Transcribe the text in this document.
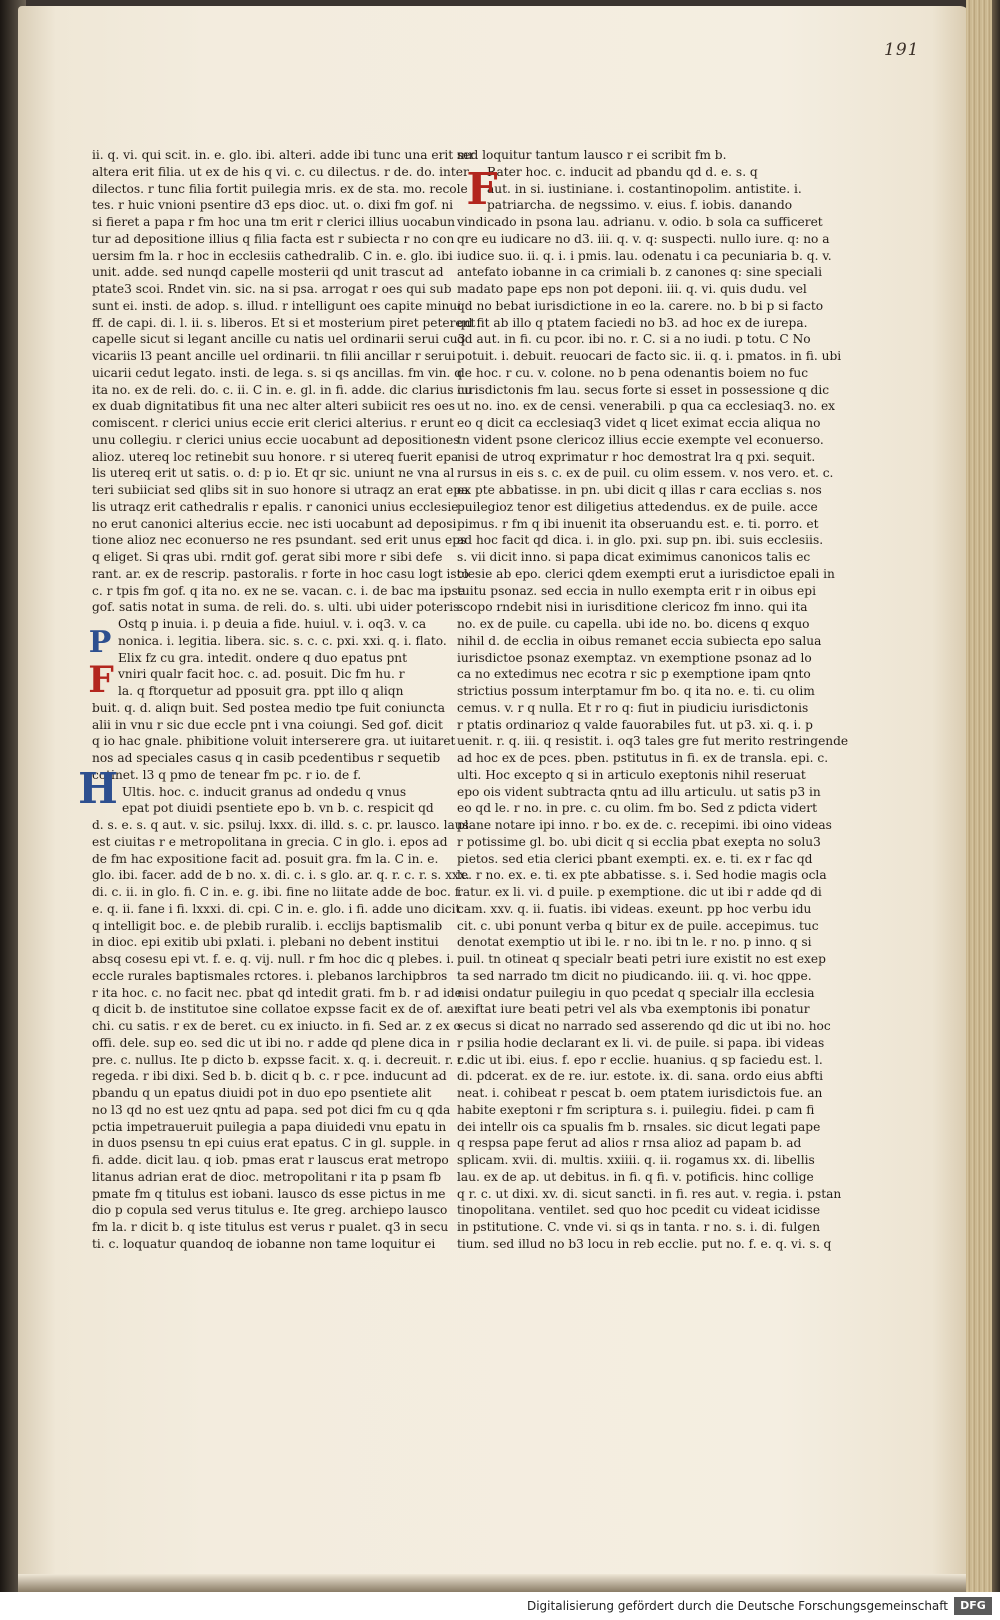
191
ii. q. vi. qui scit. in. e. glo. ibi. alteri. adde ibi tunc una erit mr
altera erit filia. ut ex de his q vi. c. cu dilectus. r de. do. inter
dilectos. r tunc filia fortit puilegia mris. ex de sta. mo. recole
tes. r huic vnioni psentire d3 eps dioc. ut. o. dixi fm gof. ni
si fieret a papa r fm hoc una tm erit r clerici illius uocabun
tur ad depositione illius q filia facta est r subiecta r no con
uersim fm la. r hoc in ecclesiis cathedralib. C in. e. glo. ibi
unit. adde. sed nunqd capelle mosterii qd unit trascut ad
ptate3 scoi. Rndet vin. sic. na si psa. arrogat r oes qui sub
sunt ei. insti. de adop. s. illud. r intelligunt oes capite minui
ff. de capi. di. l. ii. s. liberos. Et si et mosterium piret peterent
capelle sicut si legant ancille cu natis uel ordinarii serui cu3
vicariis l3 peant ancille uel ordinarii. tn filii ancillar r serui
uicarii cedut legato. insti. de lega. s. si qs ancillas. fm vin. q
ita no. ex de reli. do. c. ii. C in. e. gl. in fi. adde. dic clarius cu
ex duab dignitatibus fit una nec alter alteri subiicit res oes
comiscent. r clerici unius eccie erit clerici alterius. r erunt
unu collegiu. r clerici unius eccie uocabunt ad depositiones
alioz. utereq loc retinebit suu honore. r si utereq fuerit epa
lis utereq erit ut satis. o. d: p io. Et qr sic. uniunt ne vna al
teri subiiciat sed qlibs sit in suo honore si utraqz an erat epa
lis utraqz erit cathedralis r epalis. r canonici unius ecclesie
no erut canonici alterius eccie. nec isti uocabunt ad deposi
tione alioz nec econuerso ne res psundant. sed erit unus eps
q eliget. Si qras ubi. rndit gof. gerat sibi more r sibi defe
rant. ar. ex de rescrip. pastoralis. r forte in hoc casu logt isto
c. r tpis fm gof. q ita no. ex ne se. vacan. c. i. de bac ma ipse
gof. satis notat in suma. de reli. do. s. ulti. ubi uider poteris.
Ostq p inuia. i. p deuia a fide. huiul. v. i. oq3. v. ca
nonica. i. legitia. libera. sic. s. c. c. pxi. xxi. q. i. flato.
Elix fz cu gra. intedit. ondere q duo epatus pnt
vniri qualr facit hoc. c. ad. posuit. Dic fm hu. r
la. q ftorquetur ad pposuit gra. ppt illo q aliqn
buit. q. d. aliqn buit. Sed postea medio tpe fuit coniuncta
alii in vnu r sic due eccle pnt i vna coiungi. Sed gof. dicit
q io hac gnale. phibitione voluit interserere gra. ut iuitaret
nos ad speciales casus q in casib pcedentibus r sequetib
cotinet. l3 q pmo de tenear fm pc. r io. de f.
Ultis. hoc. c. inducit granus ad ondedu q vnus
epat pot diuidi psentiete epo b. vn b. c. respicit qd
d. s. e. s. q aut. v. sic. psiluj. lxxx. di. illd. s. c. pr. lausco. laus
est ciuitas r e metropolitana in grecia. C in glo. i. epos ad
de fm hac expositione facit ad. posuit gra. fm la. C in. e.
glo. ibi. facer. add de b no. x. di. c. i. s glo. ar. q. r. c. r. s. xxx.
di. c. ii. in glo. fi. C in. e. g. ibi. fine no liitate adde de boc. f.
e. q. ii. fane i fi. lxxxi. di. cpi. C in. e. glo. i fi. adde uno dicit
q intelligit boc. e. de plebib ruralib. i. ecclijs baptismalib
in dioc. epi exitib ubi pxlati. i. plebani no debent institui
absq cosesu epi vt. f. e. q. vij. null. r fm hoc dic q plebes. i.
eccle rurales baptismales rctores. i. plebanos larchipbros
r ita hoc. c. no facit nec. pbat qd intedit grati. fm b. r ad ide
q dicit b. de institutoe sine collatoe expsse facit ex de of. ar
chi. cu satis. r ex de beret. cu ex iniucto. in fi. Sed ar. z ex o
offi. dele. sup eo. sed dic ut ibi no. r adde qd plene dica in
pre. c. nullus. Ite p dicto b. expsse facit. x. q. i. decreuit. r. c.
regeda. r ibi dixi. Sed b. b. dicit q b. c. r pce. inducunt ad
pbandu q un epatus diuidi pot in duo epo psentiete alit
no l3 qd no est uez qntu ad papa. sed pot dici fm cu q qda
pctia impetraueruit puilegia a papa diuidedi vnu epatu in
in duos psensu tn epi cuius erat epatus. C in gl. supple. in
fi. adde. dicit lau. q iob. pmas erat r lauscus erat metropo
litanus adrian erat de dioc. metropolitani r ita p psam fb
pmate fm q titulus est iobani. lausco ds esse pictus in me
dio p copula sed verus titulus e. Ite greg. archiepo lausco
fm la. r dicit b. q iste titulus est verus r pualet. q3 in secu
ti. c. loquatur quandoq de iobanne non tame loquitur ei
sed loquitur tantum lausco r ei scribit fm b.
Rater hoc. c. inducit ad pbandu qd d. e. s. q
aut. in si. iustiniane. i. costantinopolim. antistite. i.
patriarcha. de negssimo. v. eius. f. iobis. danando
vindicado in psona lau. adrianu. v. odio. b sola ca sufficeret
qre eu iudicare no d3. iii. q. v. q: suspecti. nullo iure. q: no a
iudice suo. ii. q. i. i pmis. lau. odenatu i ca pecuniaria b. q. v.
antefato iobanne in ca crimiali b. z canones q: sine speciali
madato pape eps non pot deponi. iii. q. vi. quis dudu. vel
qd no bebat iurisdictione in eo la. carere. no. b bi p si facto
qd fit ab illo q ptatem faciedi no b3. ad hoc ex de iurepa.
qd aut. in fi. cu pcor. ibi no. r. C. si a no iudi. p totu. C No
potuit. i. debuit. reuocari de facto sic. ii. q. i. pmatos. in fi. ubi
de hoc. r cu. v. colone. no b pena odenantis boiem no fuc
iurisdictonis fm lau. secus forte si esset in possessione q dic
ut no. ino. ex de censi. venerabili. p qua ca ecclesiaq3. no. ex
eo q dicit ca ecclesiaq3 videt q licet eximat eccia aliqua no
tn vident psone clericoz illius eccie exempte vel econuerso.
nisi de utroq exprimatur r hoc demostrat lra q pxi. sequit.
rursus in eis s. c. ex de puil. cu olim essem. v. nos vero. et. c.
ex pte abbatisse. in pn. ubi dicit q illas r cara ecclias s. nos
puilegioz tenor est diligetius attedendus. ex de puile. acce
pimus. r fm q ibi inuenit ita obseruandu est. e. ti. porro. et
ad hoc facit qd dica. i. in glo. pxi. sup pn. ibi. suis ecclesiis.
s. vii dicit inno. si papa dicat eximimus canonicos talis ec
clesie ab epo. clerici qdem exempti erut a iurisdictoe epali in
tuitu psonaz. sed eccia in nullo exempta erit r in oibus epi
scopo rndebit nisi in iurisditione clericoz fm inno. qui ita
no. ex de puile. cu capella. ubi ide no. bo. dicens q exquo
nihil d. de ecclia in oibus remanet eccia subiecta epo salua
iurisdictoe psonaz exemptaz. vn exemptione psonaz ad lo
ca no extedimus nec ecotra r sic p exemptione ipam qnto
strictius possum interptamur fm bo. q ita no. e. ti. cu olim
cemus. v. r q nulla. Et r ro q: fiut in piudiciu iurisdictonis
r ptatis ordinarioz q valde fauorabiles fut. ut p3. xi. q. i. p
uenit. r. q. iii. q resistit. i. oq3 tales gre fut merito restringende
ad hoc ex de pces. pben. pstitutus in fi. ex de transla. epi. c.
ulti. Hoc excepto q si in articulo exeptonis nihil reseruat
epo ois vident subtracta qntu ad illu articulu. ut satis p3 in
eo qd le. r no. in pre. c. cu olim. fm bo. Sed z pdicta vidert
plane notare ipi inno. r bo. ex de. c. recepimi. ibi oino videas
r potissime gl. bo. ubi dicit q si ecclia pbat exepta no solu3
pietos. sed etia clerici pbant exempti. ex. e. ti. ex r fac qd
le. r no. ex. e. ti. ex pte abbatisse. s. i. Sed hodie magis ocla
ratur. ex li. vi. d puile. p exemptione. dic ut ibi r adde qd di
cam. xxv. q. ii. fuatis. ibi videas. exeunt. pp hoc verbu idu
cit. c. ubi ponunt verba q bitur ex de puile. accepimus. tuc
denotat exemptio ut ibi le. r no. ibi tn le. r no. p inno. q si
puil. tn otineat q specialr beati petri iure existit no est exep
ta sed narrado tm dicit no piudicando. iii. q. vi. hoc qppe.
nisi ondatur puilegiu in quo pcedat q specialr illa ecclesia
exiftat iure beati petri vel als vba exemptonis ibi ponatur
secus si dicat no narrado sed asserendo qd dic ut ibi no. hoc
r psilia hodie declarant ex li. vi. de puile. si papa. ibi videas
r dic ut ibi. eius. f. epo r ecclie. huanius. q sp faciedu est. l.
di. pdcerat. ex de re. iur. estote. ix. di. sana. ordo eius abfti
neat. i. cohibeat r pescat b. oem ptatem iurisdictois fue. an
habite exeptoni r fm scriptura s. i. puilegiu. fidei. p cam fi
dei intellr ois ca spualis fm b. rnsales. sic dicut legati pape
q respsa pape ferut ad alios r rnsa alioz ad papam b. ad
splicam. xvii. di. multis. xxiiii. q. ii. rogamus xx. di. libellis
lau. ex de ap. ut debitus. in fi. q fi. v. potificis. hinc collige
q r. c. ut dixi. xv. di. sicut sancti. in fi. res aut. v. regia. i. pstan
tinopolitana. ventilet. sed quo hoc pcedit cu videat icidisse
in pstitutione. C. vnde vi. si qs in tanta. r no. s. i. di. fulgen
tium. sed illud no b3 locu in reb ecclie. put no. f. e. q. vi. s. q
P
F
H
F
Digitalisierung gefördert durch die Deutsche Forschungsgemeinschaft	DFG
